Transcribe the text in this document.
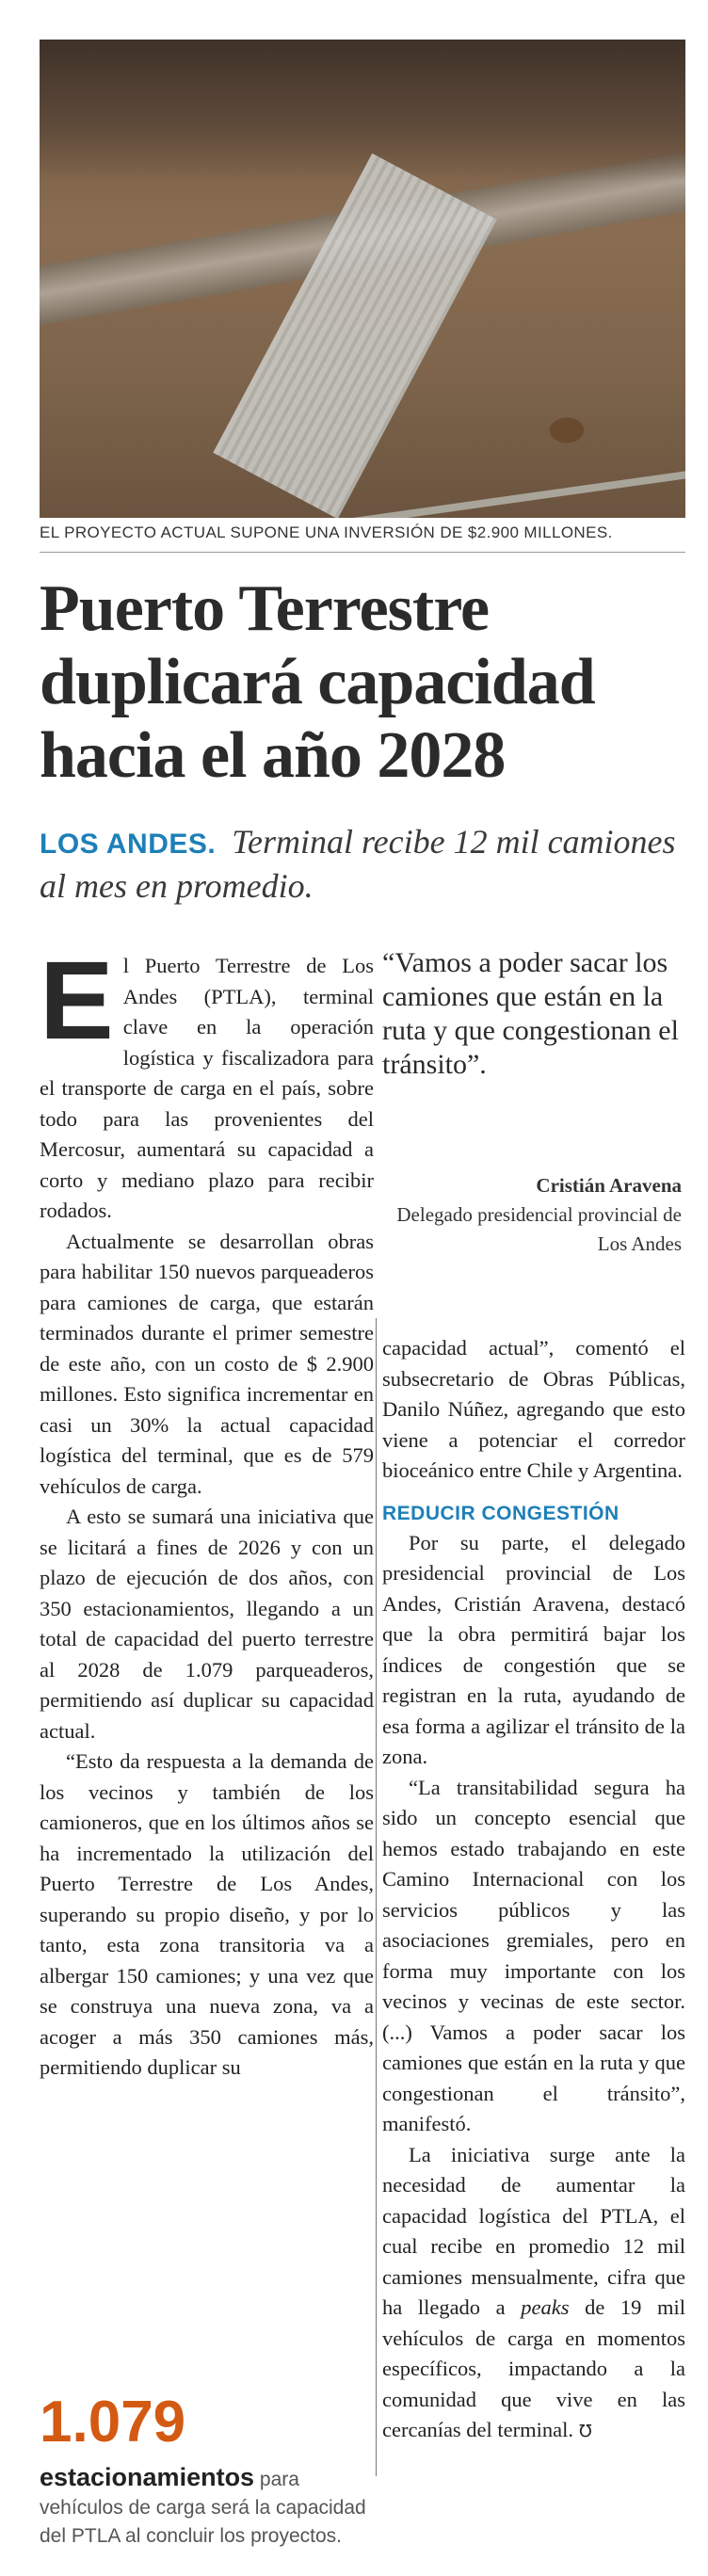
EL PROYECTO ACTUAL SUPONE UNA INVERSIÓN DE $2.900 MILLONES.

Puerto Terrestre duplicará capacidad hacia el año 2028

LOS ANDES. Terminal recibe 12 mil camiones al mes en promedio.

El Puerto Terrestre de Los Andes (PTLA), terminal clave en la operación logística y fiscalizadora para el transporte de carga en el país, sobre todo para las provenientes del Mercosur, aumentará su capacidad a corto y mediano plazo para recibir rodados.

Actualmente se desarrollan obras para habilitar 150 nuevos parqueaderos para camiones de carga, que estarán terminados durante el primer semestre de este año, con un costo de $ 2.900 millones. Esto significa incrementar en casi un 30% la actual capacidad logística del terminal, que es de 579 vehículos de carga.

A esto se sumará una iniciativa que se licitará a fines de 2026 y con un plazo de ejecución de dos años, con 350 estacionamientos, llegando a un total de capacidad del puerto terrestre al 2028 de 1.079 parqueaderos, permitiendo así duplicar su capacidad actual.

“Esto da respuesta a la demanda de los vecinos y también de los camioneros, que en los últimos años se ha incrementado la utilización del Puerto Terrestre de Los Andes, superando su propio diseño, y por lo tanto, esta zona transitoria va a albergar 150 camiones; y una vez que se construya una nueva zona, va a acoger a más 350 camiones más, permitiendo duplicar su

“Vamos a poder sacar los camiones que están en la ruta y que congestionan el tránsito”.

Cristián Aravena
Delegado presidencial provincial de Los Andes

capacidad actual”, comentó el subsecretario de Obras Públicas, Danilo Núñez, agregando que esto viene a potenciar el corredor bioceánico entre Chile y Argentina.

REDUCIR CONGESTIÓN

Por su parte, el delegado presidencial provincial de Los Andes, Cristián Aravena, destacó que la obra permitirá bajar los índices de congestión que se registran en la ruta, ayudando de esa forma a agilizar el tránsito de la zona.

“La transitabilidad segura ha sido un concepto esencial que hemos estado trabajando en este Camino Internacional con los servicios públicos y las asociaciones gremiales, pero en forma muy importante con los vecinos y vecinas de este sector. (...) Vamos a poder sacar los camiones que están en la ruta y que congestionan el tránsito”, manifestó.

La iniciativa surge ante la necesidad de aumentar la capacidad logística del PTLA, el cual recibe en promedio 12 mil camiones mensualmente, cifra que ha llegado a peaks de 19 mil vehículos de carga en momentos específicos, impactando a la comunidad que vive en las cercanías del terminal. ℧

1.079

estacionamientos para vehículos de carga será la capacidad del PTLA al concluir los proyectos.
